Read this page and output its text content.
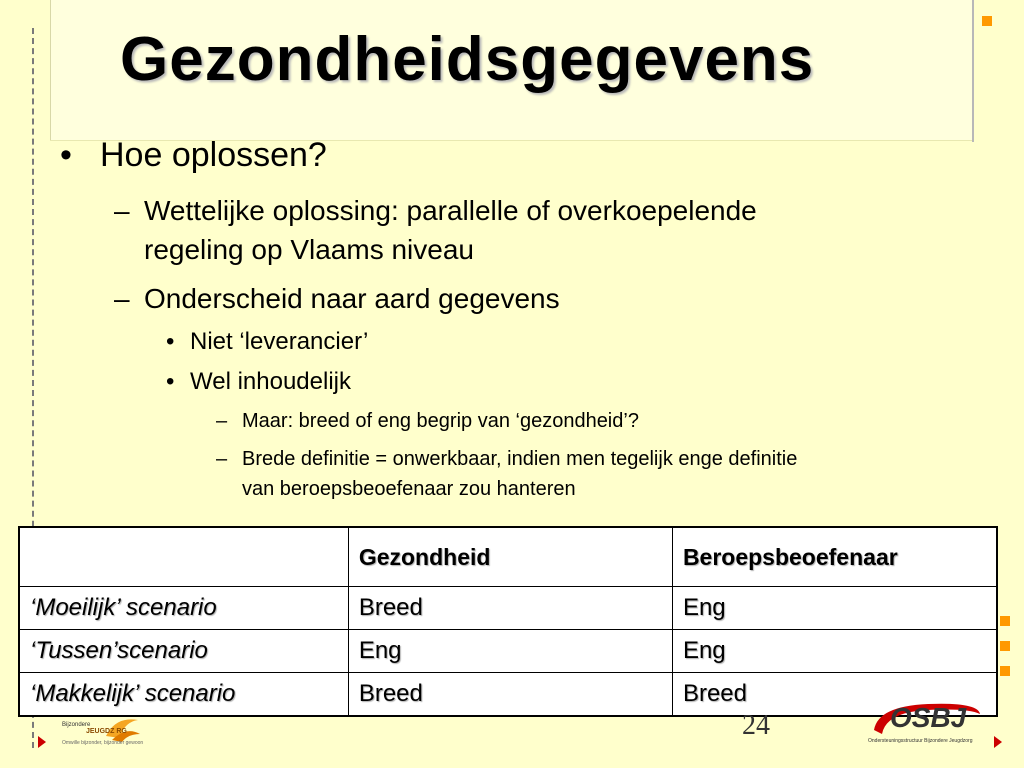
Gezondheidsgegevens
• Hoe oplossen?
– Wettelijke oplossing: parallelle of overkoepelende
regeling op Vlaams niveau
– Onderscheid naar aard gegevens
• Niet ‘leverancier’
• Wel inhoudelijk
– Maar: breed of eng begrip van ‘gezondheid’?
– Brede definitie = onwerkbaar, indien men tegelijk enge definitie
van beroepsbeoefenaar zou hanteren
	Gezondheid	Beroepsbeoefenaar
‘Moeilijk’ scenario	Breed	Eng
‘Tussen’scenario	Eng	Eng
‘Makkelijk’ scenario	Breed	Breed
24
Bijzondere
JEUGDZ RG
Omwille bijzonder, bijzonder gewoon
OSBJ
Ondersteuningsstructuur Bijzondere Jeugdzorg
